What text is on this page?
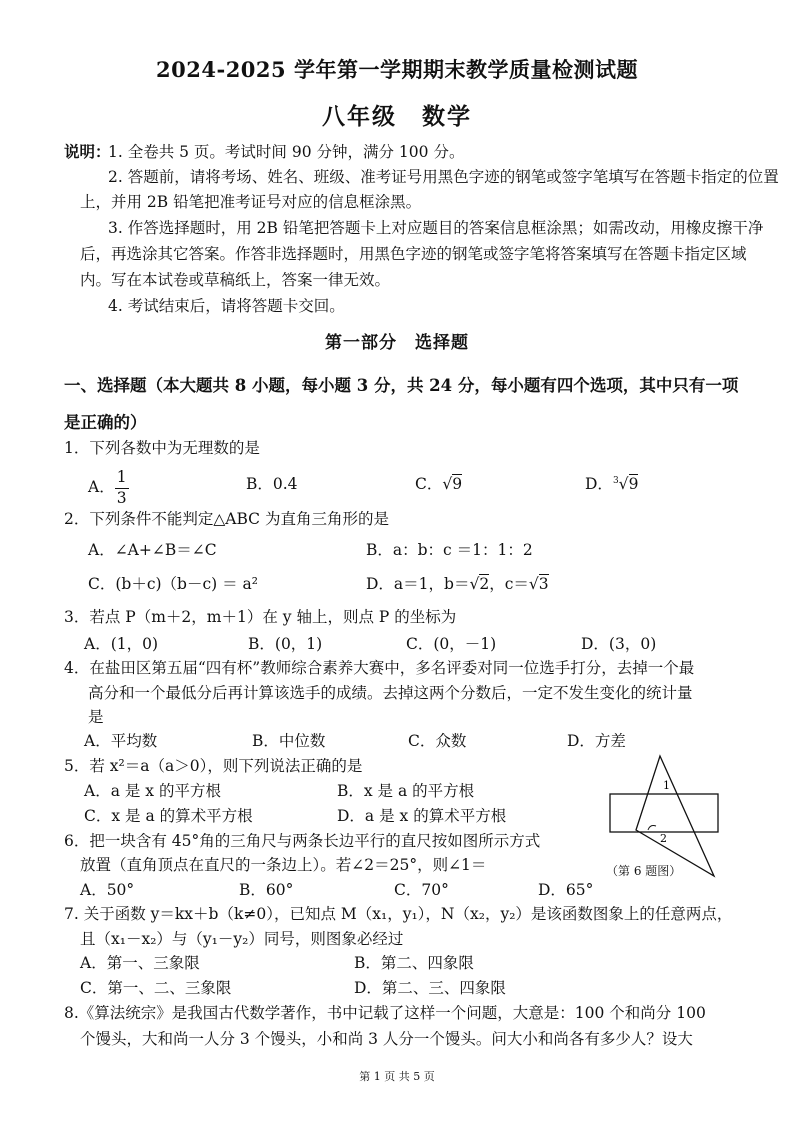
2024-2025 学年第一学期期末教学质量检测试题
八年级　数学
说明：
1. 全卷共 5 页。考试时间 90 分钟，满分 100 分。
2. 答题前，请将考场、姓名、班级、准考证号用黑色字迹的钢笔或签字笔填写在答题卡指定的位置
上，并用 2B 铅笔把准考证号对应的信息框涂黑。
3. 作答选择题时，用 2B 铅笔把答题卡上对应题目的答案信息框涂黑；如需改动，用橡皮擦干净
后，再选涂其它答案。作答非选择题时，用黑色字迹的钢笔或签字笔将答案填写在答题卡指定区域
内。写在本试卷或草稿纸上，答案一律无效。
4. 考试结束后，请将答题卡交回。
第一部分　选择题
一、选择题（本大题共 8 小题，每小题 3 分，共 24 分，每小题有四个选项，其中只有一项
是正确的）
1．下列各数中为无理数的是
A． $\frac{1}{3}$	B．0.4	C．√9	D．$^3$√9
2．下列条件不能判定△ABC 为直角三角形的是
A．∠A+∠B＝∠C	B．a：b：c ＝1：1：2
C．(b＋c)（b－c) ＝ a²	D．a＝1，b＝√2，c＝√3
3．若点 P（m＋2，m＋1）在 y 轴上，则点 P 的坐标为
A．(1，0)	B．(0，1)	C．(0，－1)	D．(3，0)
4．在盐田区第五届“四有杯”教师综合素养大赛中，多名评委对同一位选手打分，去掉一个最
高分和一个最低分后再计算该选手的成绩。去掉这两个分数后，一定不发生变化的统计量
是
A．平均数	B．中位数	C．众数	D．方差
5．若 x²＝a（a＞0），则下列说法正确的是
A．a 是 x 的平方根	B．x 是 a 的平方根
C．x 是 a 的算术平方根	D．a 是 x 的算术平方根
6．把一块含有 45°角的三角尺与两条长边平行的直尺按如图所示方式
放置（直角顶点在直尺的一条边上）。若∠2＝25°，则∠1＝
A．50°	B．60°	C．70°	D．65°
1
2
（第 6 题图）
7. 关于函数 y＝kx＋b（k≠0），已知点 M（x₁，y₁），N（x₂，y₂）是该函数图象上的任意两点，
且（x₁－x₂）与（y₁－y₂）同号，则图象必经过
A．第一、三象限	B．第二、四象限
C．第一、二、三象限	D．第二、三、四象限
8.《算法统宗》是我国古代数学著作，书中记载了这样一个问题，大意是：100 个和尚分 100
个馒头，大和尚一人分 3 个馒头，小和尚 3 人分一个馒头。问大小和尚各有多少人？设大
第 1 页 共 5 页
